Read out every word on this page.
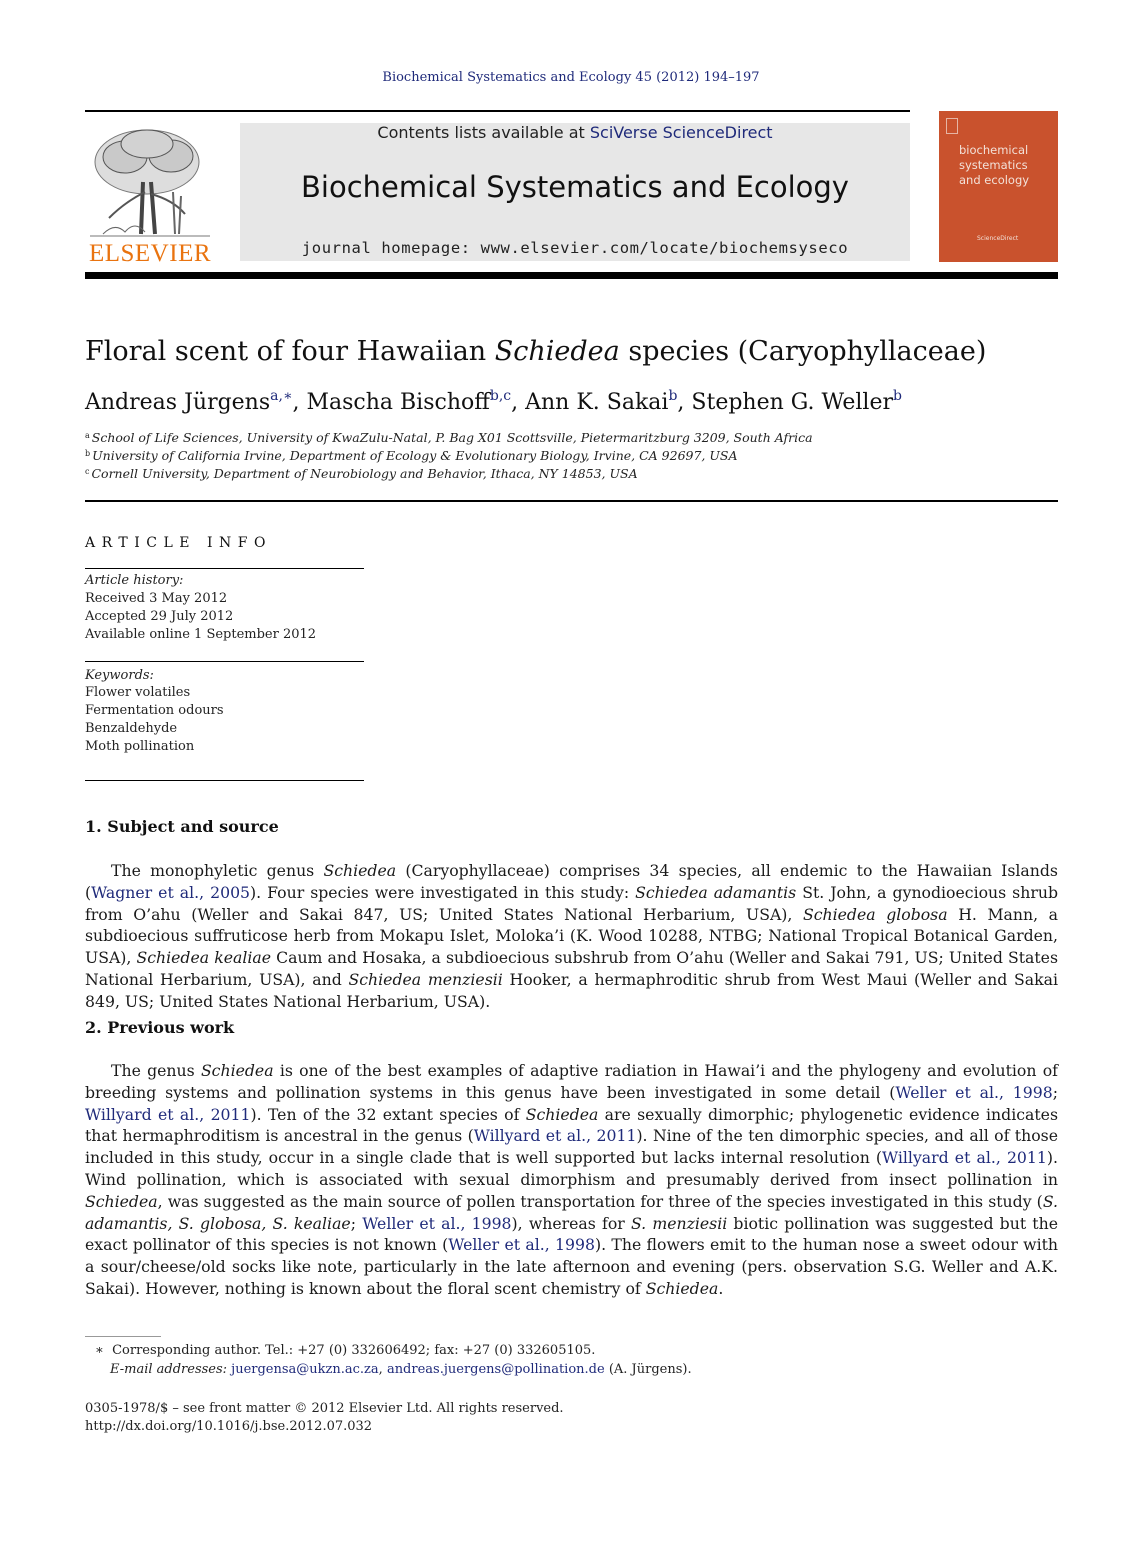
Biochemical Systematics and Ecology 45 (2012) 194–197
ELSEVIER
Contents lists available at SciVerse ScienceDirect
Biochemical Systematics and Ecology
journal homepage: www.elsevier.com/locate/biochemsyseco
biochemical systematics and ecology
ScienceDirect
Floral scent of four Hawaiian Schiedea species (Caryophyllaceae)
Andreas Jürgens$^{a,∗}$, Mascha Bischoff$^{b,c}$, Ann K. Sakai$^b$, Stephen G. Weller$^b$
$^a$ School of Life Sciences, University of KwaZulu-Natal, P. Bag X01 Scottsville, Pietermaritzburg 3209, South Africa
$^b$ University of California Irvine, Department of Ecology & Evolutionary Biology, Irvine, CA 92697, USA
$^c$ Cornell University, Department of Neurobiology and Behavior, Ithaca, NY 14853, USA
ARTICLE INFO
Article history:
Received 3 May 2012
Accepted 29 July 2012
Available online 1 September 2012
Keywords:
Flower volatiles
Fermentation odours
Benzaldehyde
Moth pollination
1. Subject and source

The monophyletic genus Schiedea (Caryophyllaceae) comprises 34 species, all endemic to the Hawaiian Islands (Wagner et al., 2005). Four species were investigated in this study: Schiedea adamantis St. John, a gynodioecious shrub from O’ahu (Weller and Sakai 847, US; United States National Herbarium, USA), Schiedea globosa H. Mann, a subdioecious suffruticose herb from Mokapu Islet, Moloka’i (K. Wood 10288, NTBG; National Tropical Botanical Garden, USA), Schiedea kealiae Caum and Hosaka, a subdioecious subshrub from O’ahu (Weller and Sakai 791, US; United States National Herbarium, USA), and Schiedea menziesii Hooker, a hermaphroditic shrub from West Maui (Weller and Sakai 849, US; United States National Herbarium, USA).

2. Previous work

The genus Schiedea is one of the best examples of adaptive radiation in Hawai’i and the phylogeny and evolution of breeding systems and pollination systems in this genus have been investigated in some detail (Weller et al., 1998; Willyard et al., 2011). Ten of the 32 extant species of Schiedea are sexually dimorphic; phylogenetic evidence indicates that hermaphroditism is ancestral in the genus (Willyard et al., 2011). Nine of the ten dimorphic species, and all of those included in this study, occur in a single clade that is well supported but lacks internal resolution (Willyard et al., 2011). Wind pollination, which is associated with sexual dimorphism and presumably derived from insect pollination in Schiedea, was suggested as the main source of pollen transportation for three of the species investigated in this study (S. adamantis, S. globosa, S. kealiae; Weller et al., 1998), whereas for S. menziesii biotic pollination was suggested but the exact pollinator of this species is not known (Weller et al., 1998). The flowers emit to the human nose a sweet odour with a sour/cheese/old socks like note, particularly in the late afternoon and evening (pers. observation S.G. Weller and A.K. Sakai). However, nothing is known about the floral scent chemistry of Schiedea.

∗ Corresponding author. Tel.: +27 (0) 332606492; fax: +27 (0) 332605105.
E-mail addresses: juergensa@ukzn.ac.za, andreas.juergens@pollination.de (A. Jürgens).
0305-1978/$ – see front matter © 2012 Elsevier Ltd. All rights reserved.
http://dx.doi.org/10.1016/j.bse.2012.07.032
